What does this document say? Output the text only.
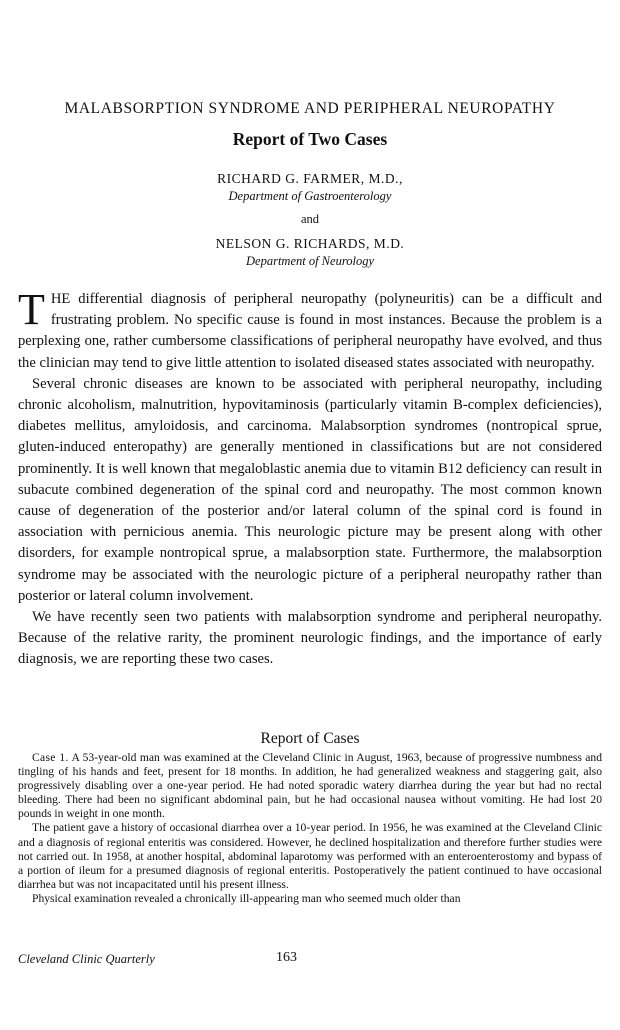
MALABSORPTION SYNDROME AND PERIPHERAL NEUROPATHY
Report of Two Cases
RICHARD G. FARMER, M.D.,
Department of Gastroenterology
and
NELSON G. RICHARDS, M.D.
Department of Neurology

THE differential diagnosis of peripheral neuropathy (polyneuritis) can be a difficult and frustrating problem. No specific cause is found in most instances. Because the problem is a perplexing one, rather cumbersome classifications of peripheral neuropathy have evolved, and thus the clinician may tend to give little attention to isolated diseased states associated with neuropathy.

Several chronic diseases are known to be associated with peripheral neuropathy, including chronic alcoholism, malnutrition, hypovitaminosis (particularly vitamin B-complex deficiencies), diabetes mellitus, amyloidosis, and carcinoma. Malabsorption syndromes (nontropical sprue, gluten-induced enteropathy) are generally mentioned in classifications but are not considered prominently. It is well known that megaloblastic anemia due to vitamin B12 deficiency can result in subacute combined degeneration of the spinal cord and neuropathy. The most common known cause of degeneration of the posterior and/or lateral column of the spinal cord is found in association with pernicious anemia. This neurologic picture may be present along with other disorders, for example nontropical sprue, a malabsorption state. Furthermore, the malabsorption syndrome may be associated with the neurologic picture of a peripheral neuropathy rather than posterior or lateral column involvement.

We have recently seen two patients with malabsorption syndrome and peripheral neuropathy. Because of the relative rarity, the prominent neurologic findings, and the importance of early diagnosis, we are reporting these two cases.

Report of Cases

Case 1. A 53-year-old man was examined at the Cleveland Clinic in August, 1963, because of progressive numbness and tingling of his hands and feet, present for 18 months. In addition, he had generalized weakness and staggering gait, also progressively disabling over a one-year period. He had noted sporadic watery diarrhea during the year but had no rectal bleeding. There had been no significant abdominal pain, but he had occasional nausea without vomiting. He had lost 20 pounds in weight in one month.

The patient gave a history of occasional diarrhea over a 10-year period. In 1956, he was examined at the Cleveland Clinic and a diagnosis of regional enteritis was considered. However, he declined hospitalization and therefore further studies were not carried out. In 1958, at another hospital, abdominal laparotomy was performed with an enteroenterostomy and bypass of a portion of ileum for a presumed diagnosis of regional enteritis. Postoperatively the patient continued to have occasional diarrhea but was not incapacitated until his present illness.

Physical examination revealed a chronically ill-appearing man who seemed much older than

Cleveland Clinic Quarterly	163
